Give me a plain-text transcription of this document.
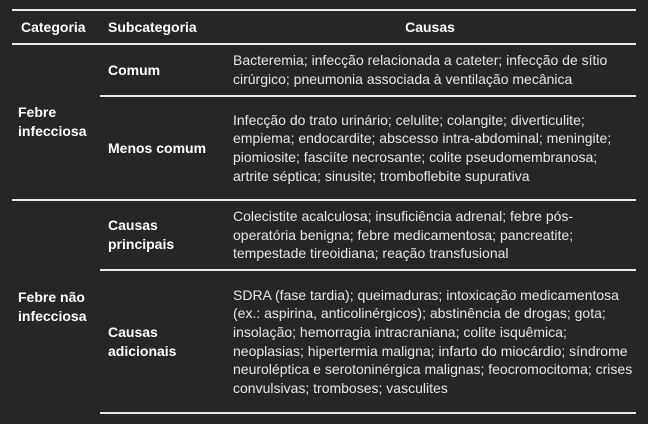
Categoria Subcategoria	Causas
Febre infecciosa
Comum
Bacteremia; infecção relacionada a cateter; infecção de sítio cirúrgico; pneumonia associada à ventilação mecânica
Menos comum
Infecção do trato urinário; celulite; colangite; diverticulite; empiema; endocardite; abscesso intra-abdominal; meningite; piomiosite; fasciíte necrosante; colite pseudomembranosa; artrite séptica; sinusite; tromboflebite supurativa
Febre não infecciosa
Causas principais
Colecistite acalculosa; insuficiência adrenal; febre pós-operatória benigna; febre medicamentosa; pancreatite; tempestade tireoidiana; reação transfusional
Causas adicionais
SDRA (fase tardia); queimaduras; intoxicação medicamentosa (ex.: aspirina, anticolinérgicos); abstinência de drogas; gota; insolação; hemorragia intracraniana; colite isquêmica; neoplasias; hipertermia maligna; infarto do miocárdio; síndrome neuroléptica e serotoninérgica malignas; feocromocitoma; crises convulsivas; tromboses; vasculites
